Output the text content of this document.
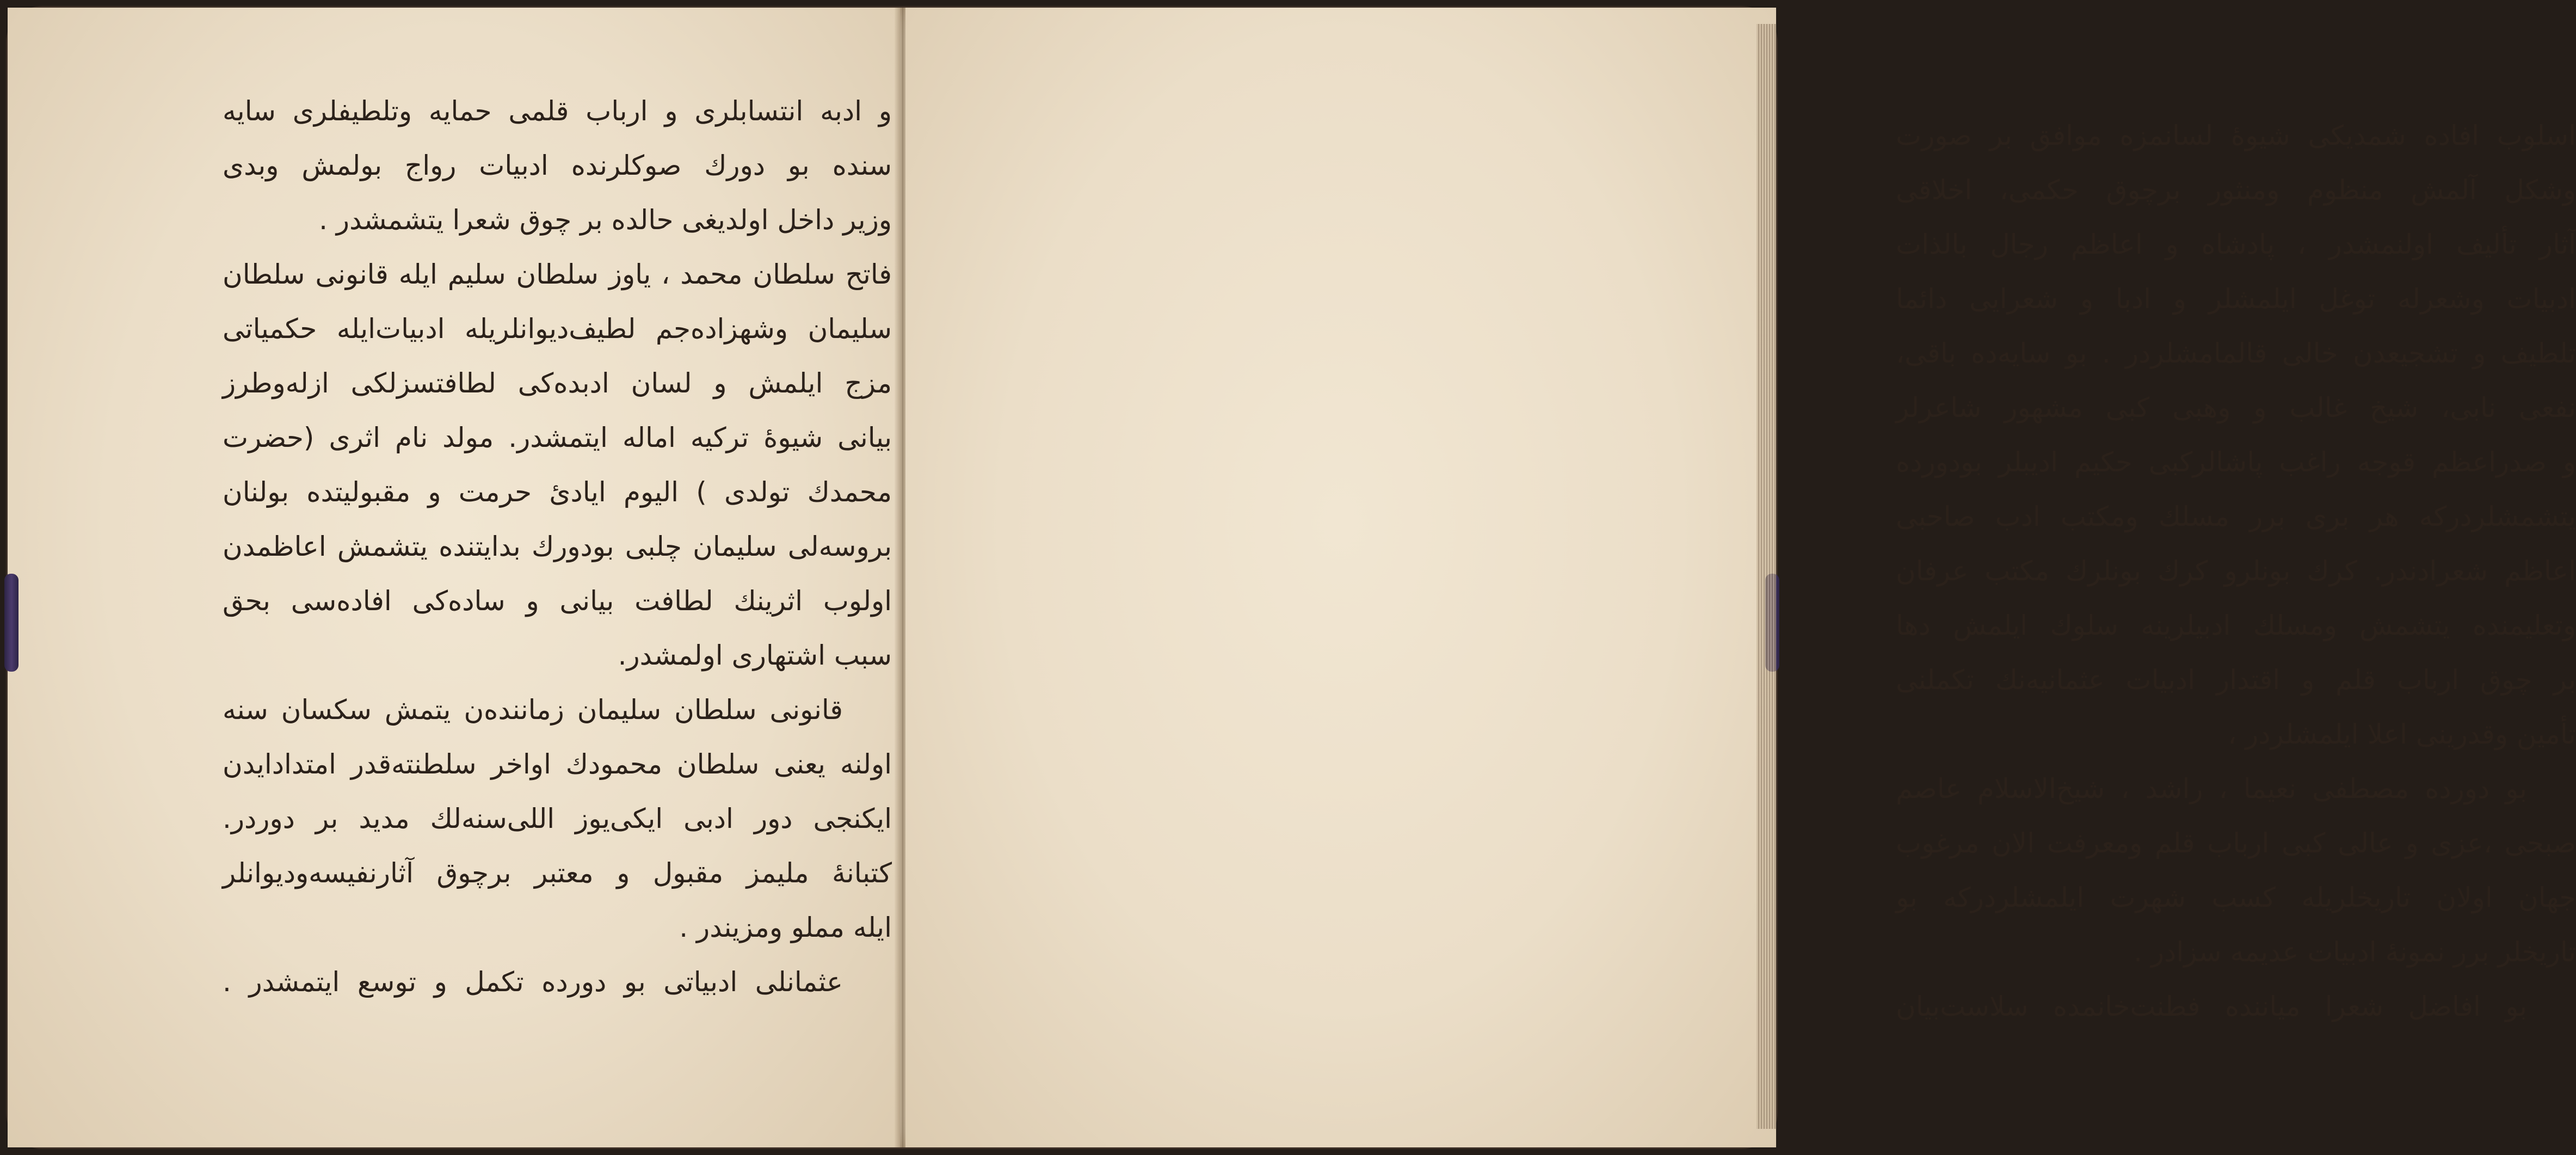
و ادبه انتسابلری و ارباب قلمی حمایه وتلطیفلری سایه‌
سنده بو دورك صوكلرنده ادبیات رواج بولمش وبدی
وزیر داخل اولدیغی حالده بر چوق شعرا یتشمشدر .
فاتح سلطان محمد ، یاوز سلطان سلیم ایله قانونی سلطان
سلیمان وشهزاده‌جم لطیف‌دیوانلریله ادبیات‌ایله حکمیاتی
مزج ایلمش و لسان ادبده‌کی لطافتسزلکی ازله‌وطرز
بیانی شیوهٔ ترکیه اماله ایتمشدر. مولد نام اثری (حضرت
محمدك تولدی ) الیوم ایادئ حرمت و مقبولیتده بولنان
بروسه‌لی سلیمان چلبی بودورك بدایتنده یتشمش اعاظمدن
اولوب اثرینك لطافت بیانی و ساده‌کی افاده‌سی بحق
سبب اشتهاری اولمشدر.
قانونی سلطان سلیمان زماننده‌ن یتمش سکسان سنه
اولنه یعنی سلطان محمودك اواخر سلطنته‌قدر امتدادایدن
ایکنجی دور ادبی ایکی‌یوز اللی‌سنه‌لك مدید بر دوردر.
کتبانهٔ ملیمز مقبول و معتبر برچوق آثارنفیسه‌ودیوانلر
ایله مملو ومزیندر .
عثمانلی ادبیاتی بو دورده تکمل و توسع ایتمشدر .
اسلوب افاده شمدیکی شیوهٔ لسانمزه موافق بر صورت
وشکل آلمش منظوم ومنثور برچوق حکمی، اخلاقی
آثار تألیف اولنمشدر ، پادشاه و اعاظم رجال بالذات
ادبیات وشعرله توغل ایلمشلر و ادبا و شعرایی دائما
تلطیف و تشجیعدن خالی قالمامشلردر . بو سایه‌ده باقی،
نفعی نابی، شیخ غالب و وهبی کبی مشهور شاعرلر
و صدراعظم قوجه راغب پاشالرکبی حکیم ادیبلر بودورده
یتشمشلردرکه هر بری برر مسلك ومکتب ادب صاحبی
اعاظم شعرادندر. کرك بونلرو کرك بونلرك مکتب عرفان
وتعلیمنده یتشمش ومسلك ادبیلرینه سلوك ایلمش دها
بر چوق ارباب قلم و اقتدار ادبیات عثمانیه‌نك تکملنی
تأمین وقدرینی اعلا ایلمشلردر ،
بو دورده مصطفی نعیما ، راشد ، شیخ‌الاسلام عاصم
صبحی ،عزی و عالی کبی ارباب قلم ومعرفت الان مرغوب
جهان اولان تاریخلریله کسب شهرت ایلمشلردرکه بو
تاریخلر برر نمونهٔ ادبیات عدیمه سزادر .
بو افاضل شعرا میاننده فطنت‌خانمده سلاست‌بیان
